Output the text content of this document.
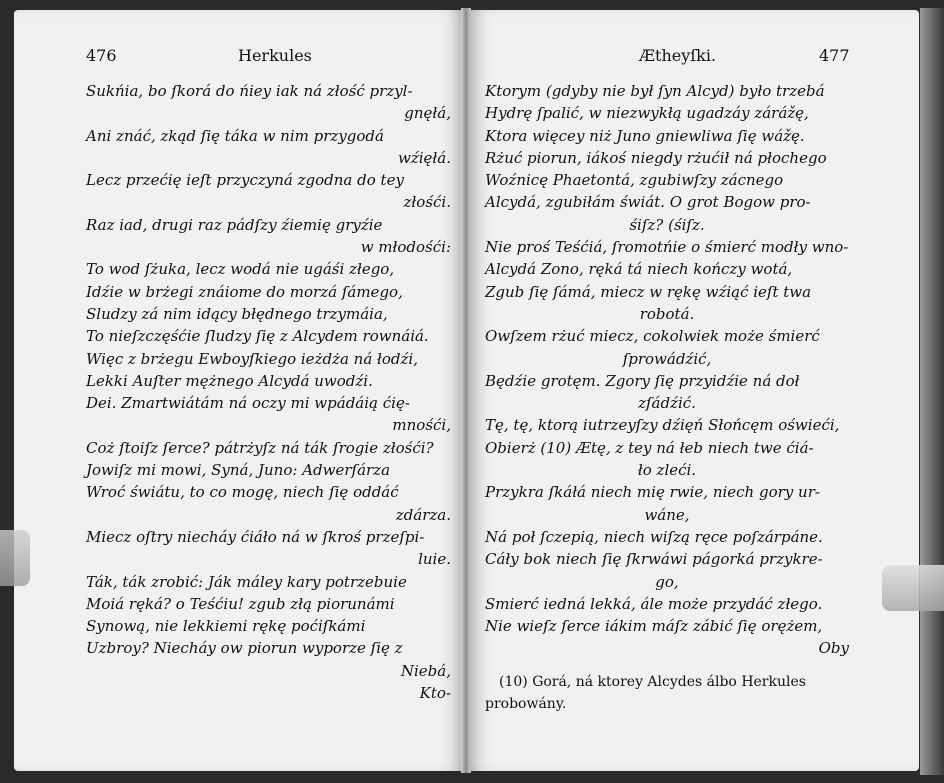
476	Herkules
Sukńia, bo ſkorá do ńiey iak ná złość przyl-
gnęłá,
Ani znáć, zkąd ſię táka w nim przygodá
wźięłá.
Lecz przećię ieſt przyczyná zgodna do tey
złośći.
Raz iad, drugi raz pádſzy źiemię gryźie
w młodośći:
To wod ſżuka, lecz wodá nie ugáśi złego,
Idźie w brżegi znáiome do morzá ſámego,
Sludzy zá nim idący błędnego trzymáia,
To nieſzczęśćie ſludzy ſię z Alcydem rownáiá.
Więc z brżegu Ewboyſkiego ieżdża ná łodźi,
Lekki Auſter mężnego Alcydá uwodźi.
Dei. Zmartwiátám ná oczy mi wpádáią ćię-
mnośći,
Coż ſtoiſz ſerce? pátrżyſz ná ták ſrogie złośći?
Jowiſz mi mowi, Syná, Juno: Adwerſárza
Wroć świátu, to co mogę, niech ſię oddáć
zdárza.
Miecz oſtry niecháy ćiáło ná w ſkroś przeſpi-
luie.
Ták, ták zrobić: Ják máley kary potrzebuie
Moiá ręká? o Teśćiu! zgub złą piorunámi
Synową, nie lekkiemi rękę poćiſkámi
Uzbroy? Niecháy ow piorun wyporze ſię z
Niebá,
Kto-
Ætheyſki.	477
Ktorym (gdyby nie był ſyn Alcyd) było trzebá
Hydrę ſpalić, w niezwykłą ugadzáy zárážę,
Ktora więcey niż Juno gniewliwa ſię wážę.
Rżuć piorun, iákoś niegdy rżućił ná płochego
Woźnicę Phaetontá, zgubiwſzy zácnego
Alcydá, zgubiłám świát. O grot Bogow pro-
śiſz? (śiſz.
Nie proś Teśćiá, ſromotńie o śmierć modły wno-
Alcydá Zono, ręká tá niech kończy wotá,
Zgub ſię ſámá, miecz w rękę wźiąć ieſt twa
robotá.
Owſzem rżuć miecz, cokolwiek może śmierć
ſprowádźić,
Będźie grotęm. Zgory ſię przyidźie ná doł
zſádźić.
Tę, tę, ktorą iutrzeyſzy dźięń Słońcęm oświeći,
Obierż (10) Ætę, z tey ná łeb niech twe ćiá-
ło zleći.
Przykra ſkáłá niech mię rwie, niech gory ur-
wáne,
Ná poł ſczepią, niech wiſzą ręce poſzárpáne.
Cáły bok niech ſię ſkrwáwi págorká przykre-
go,
Smierć iedná lekká, ále może przydáć złego.
Nie wieſz ſerce iákim máſz zábić ſię orężem,
Oby
(10) Gorá, ná ktorey Alcydes álbo Herkules
probowány.
